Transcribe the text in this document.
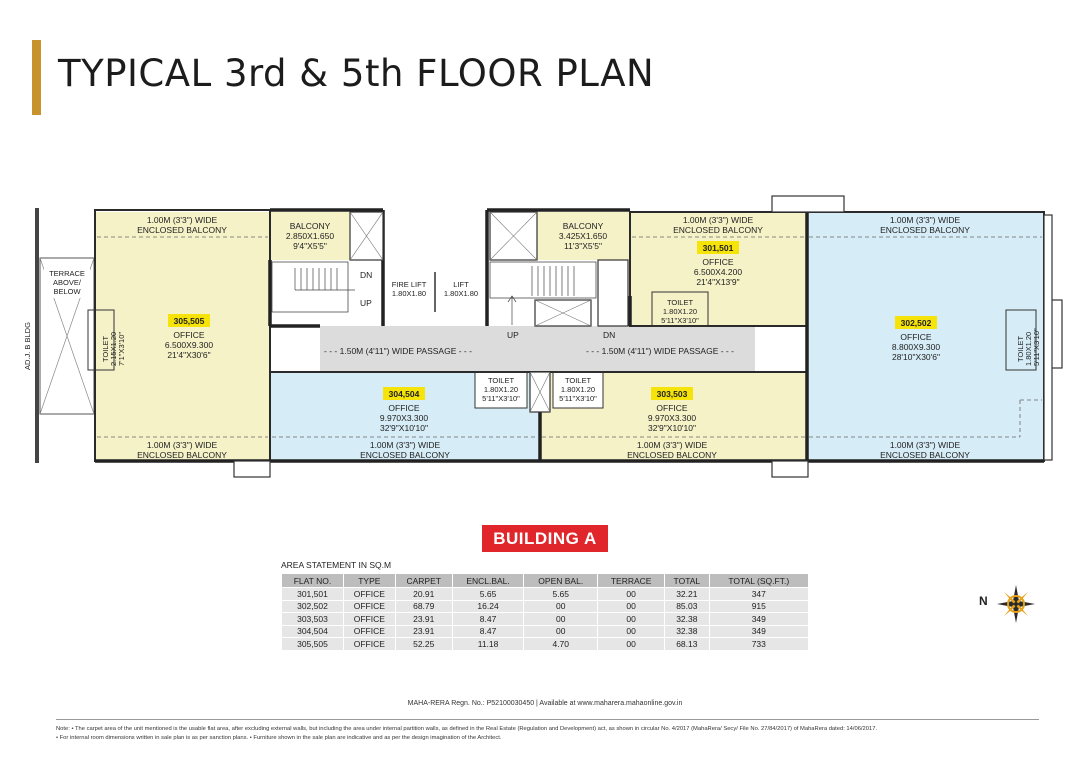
TYPICAL 3rd & 5th FLOOR PLAN
AD.J. B BLDG
TERRACE
ABOVE/
BELOW
DN
UP
UP	DN
FIRE LIFT
1.80X1.80
LIFT
1.80X1.80
BALCONY
2.850X1.650
9'4"X5'5"
BALCONY
3.425X1.650
11'3"X5'5"
1.00M (3'3") WIDE
ENCLOSED BALCONY
1.00M (3'3") WIDE
ENCLOSED BALCONY
1.00M (3'3") WIDE
ENCLOSED BALCONY
1.00M (3'3") WIDE
ENCLOSED BALCONY
1.00M (3'3") WIDE
ENCLOSED BALCONY
1.00M (3'3") WIDE
ENCLOSED BALCONY
1.00M (3'3") WIDE
ENCLOSED BALCONY
- - - 1.50M (4'11") WIDE PASSAGE - - -	- - - 1.50M (4'11") WIDE PASSAGE - - -
TOILET 2.15X1.20 7'1"X3'10"
TOILET
1.80X1.20
5'11"X3'10"
TOILET
1.80X1.20
5'11"X3'10"
TOILET
1.80X1.20
5'11"X3'10"
TOILET 1.80X1.20 5'11"X3'10"
305,505
OFFICE
6.500X9.300
21'4"X30'6"
304,504
OFFICE
9.970X3.300
32'9"X10'10"
303,503
OFFICE
9.970X3.300
32'9"X10'10"
301,501
OFFICE
6.500X4.200
21'4"X13'9"
302,502
OFFICE
8.800X9.300
28'10"X30'6"
BUILDING A
AREA STATEMENT IN SQ.M
FLAT NO.	TYPE	CARPET	ENCL.BAL.	OPEN BAL.	TERRACE	TOTAL	TOTAL (SQ.FT.)
301,501	OFFICE	20.91	5.65	5.65	00	32.21	347
302,502	OFFICE	68.79	16.24	00	00	85.03	915
303,503	OFFICE	23.91	8.47	00	00	32.38	349
304,504	OFFICE	23.91	8.47	00	00	32.38	349
305,505	OFFICE	52.25	11.18	4.70	00	68.13	733
N
MAHA-RERA Regn. No.: P52100030450 | Available at www.maharera.mahaonline.gov.in
Note: • The carpet area of the unit mentioned is the usable flat area, after excluding external walls, but including the area under internal partition walls, as defined in the Real Estate (Regulation and Development) act, as shown in circular No. 4/2017 (MahaRera/ Secy/ File No. 27/84/2017) of MahaRera dated: 14/06/2017.
• For internal room dimensions written in sale plan is as per sanction plans. • Furniture shown in the sale plan are indicative and as per the design imagination of the Architect.
